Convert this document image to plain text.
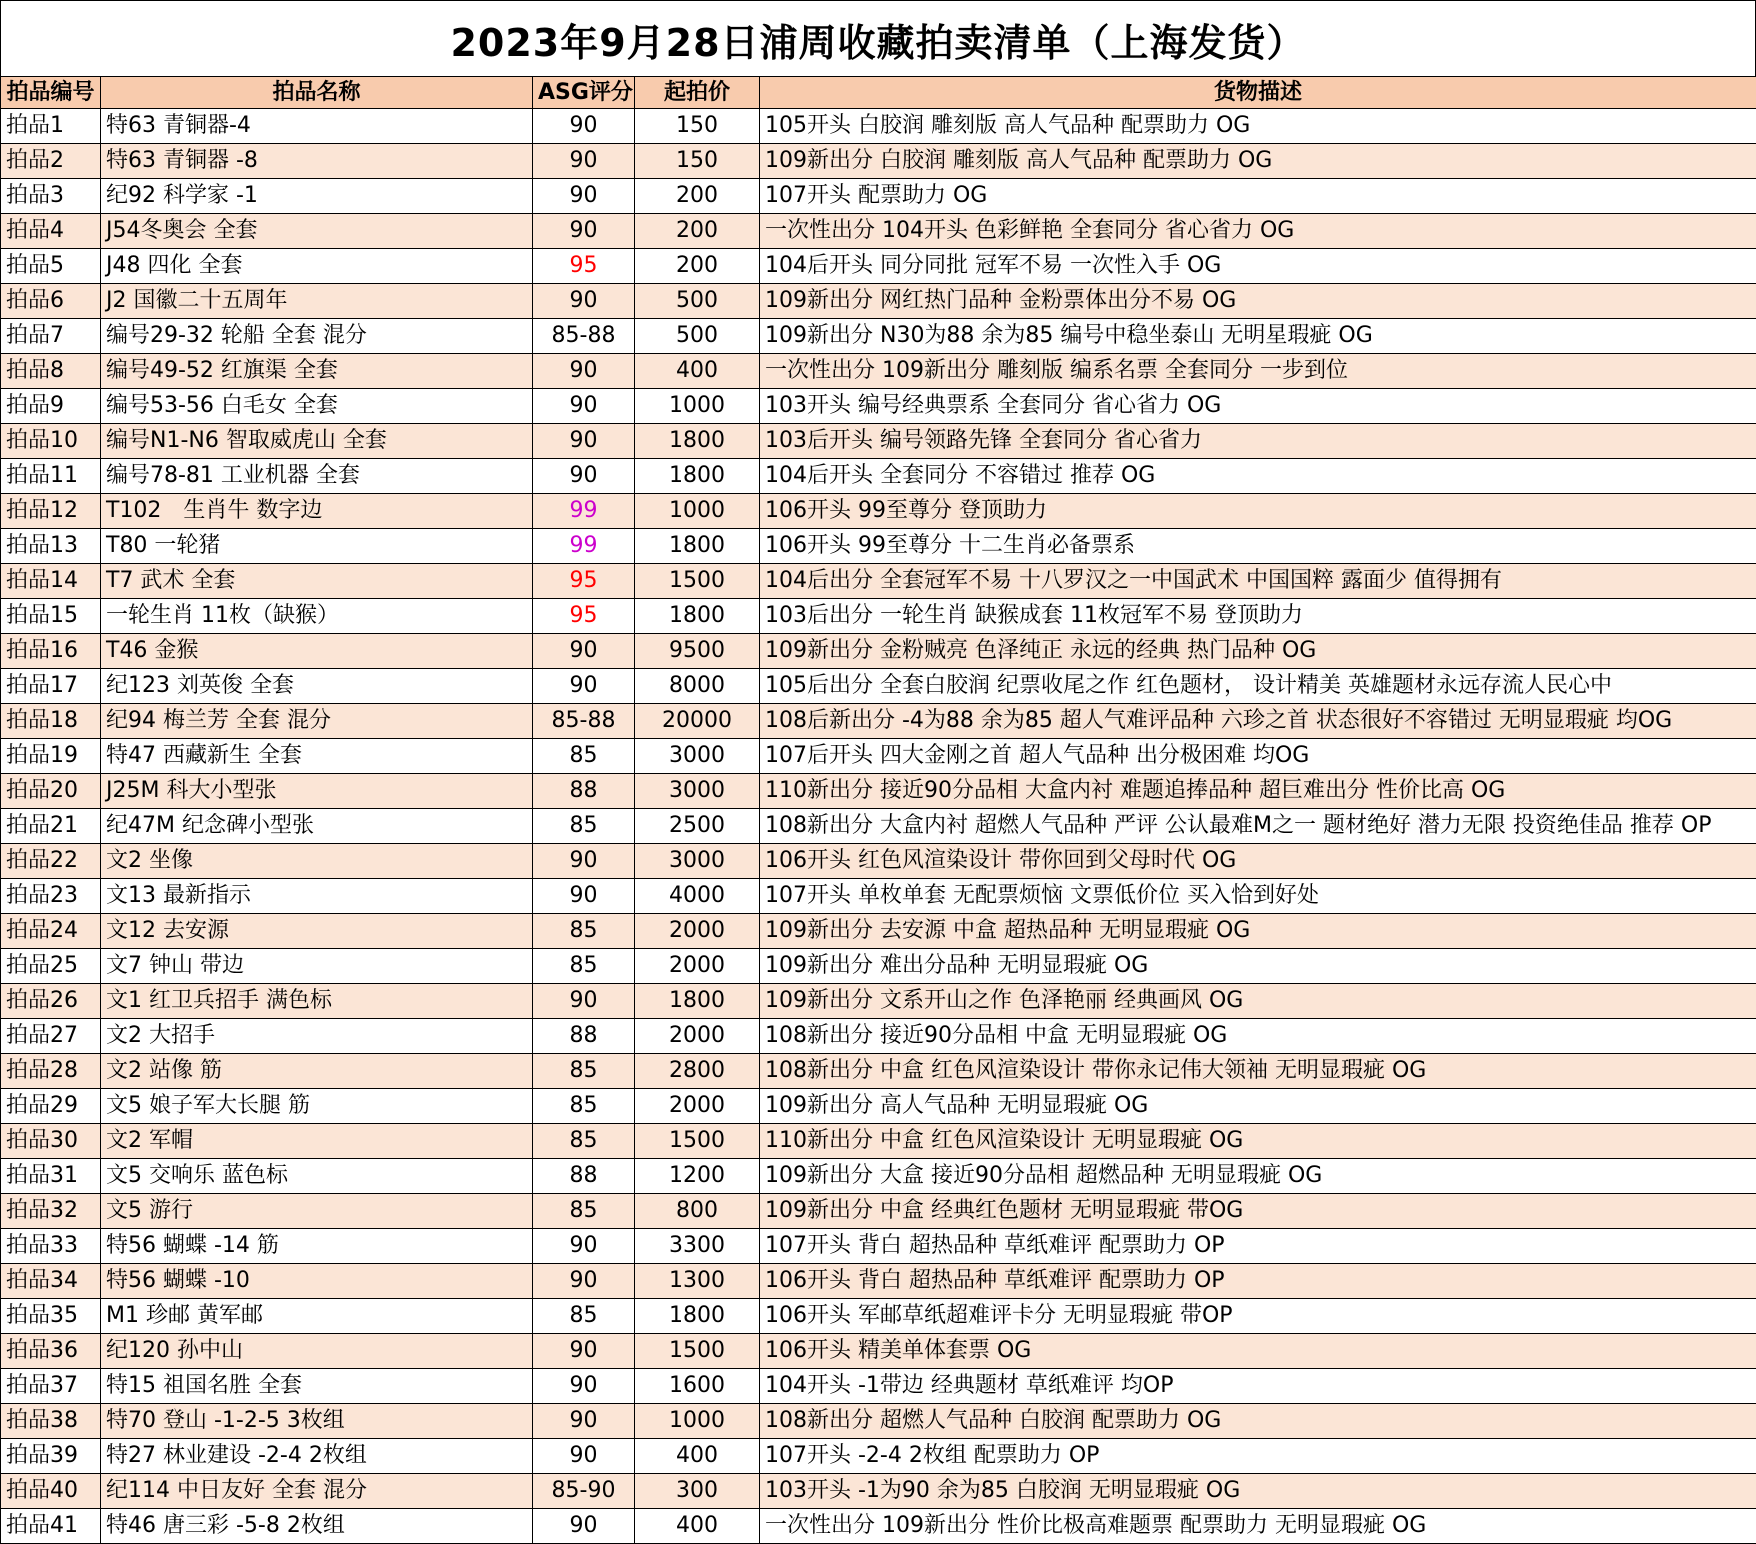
2023年9月28日浦周收藏拍卖清单（上海发货）
拍品编号	拍品名称	ASG评分	起拍价	货物描述
拍品1	特63 青铜器-4	90	150	105开头 白胶润 雕刻版 高人气品种 配票助力 OG
拍品2	特63 青铜器 -8	90	150	109新出分 白胶润 雕刻版 高人气品种 配票助力 OG
拍品3	纪92 科学家 -1	90	200	107开头 配票助力 OG
拍品4	J54冬奥会 全套	90	200	一次性出分 104开头 色彩鲜艳 全套同分 省心省力 OG
拍品5	J48 四化 全套	95	200	104后开头 同分同批 冠军不易 一次性入手 OG
拍品6	J2 国徽二十五周年	90	500	109新出分 网红热门品种 金粉票体出分不易 OG
拍品7	编号29-32 轮船 全套 混分	85-88	500	109新出分 N30为88 余为85 编号中稳坐泰山 无明星瑕疵 OG
拍品8	编号49-52 红旗渠 全套	90	400	一次性出分 109新出分 雕刻版 编系名票 全套同分 一步到位
拍品9	编号53-56 白毛女 全套	90	1000	103开头 编号经典票系 全套同分 省心省力 OG
拍品10	编号N1-N6 智取威虎山 全套	90	1800	103后开头 编号领路先锋 全套同分 省心省力
拍品11	编号78-81 工业机器 全套	90	1800	104后开头 全套同分 不容错过 推荐 OG
拍品12	T102　生肖牛 数字边	99	1000	106开头 99至尊分 登顶助力
拍品13	T80 一轮猪	99	1800	106开头 99至尊分 十二生肖必备票系
拍品14	T7 武术 全套	95	1500	104后出分 全套冠军不易 十八罗汉之一中国武术 中国国粹 露面少 值得拥有
拍品15	一轮生肖 11枚（缺猴）	95	1800	103后出分 一轮生肖 缺猴成套 11枚冠军不易 登顶助力
拍品16	T46 金猴	90	9500	109新出分 金粉贼亮 色泽纯正 永远的经典 热门品种 OG
拍品17	纪123 刘英俊 全套	90	8000	105后出分 全套白胶润 纪票收尾之作 红色题材， 设计精美 英雄题材永远存流人民心中
拍品18	纪94 梅兰芳 全套 混分	85-88	20000	108后新出分 -4为88 余为85 超人气难评品种 六珍之首 状态很好不容错过 无明显瑕疵 均OG
拍品19	特47 西藏新生 全套	85	3000	107后开头 四大金刚之首 超人气品种 出分极困难 均OG
拍品20	J25M 科大小型张	88	3000	110新出分 接近90分品相 大盒内衬 难题追捧品种 超巨难出分 性价比高 OG
拍品21	纪47M 纪念碑小型张	85	2500	108新出分 大盒内衬 超燃人气品种 严评 公认最难M之一 题材绝好 潜力无限 投资绝佳品 推荐 OP
拍品22	文2 坐像	90	3000	106开头 红色风渲染设计 带你回到父母时代 OG
拍品23	文13 最新指示	90	4000	107开头 单枚单套 无配票烦恼 文票低价位 买入恰到好处
拍品24	文12 去安源	85	2000	109新出分 去安源 中盒 超热品种 无明显瑕疵 OG
拍品25	文7 钟山 带边	85	2000	109新出分 难出分品种 无明显瑕疵 OG
拍品26	文1 红卫兵招手 满色标	90	1800	109新出分 文系开山之作 色泽艳丽 经典画风 OG
拍品27	文2 大招手	88	2000	108新出分 接近90分品相 中盒 无明显瑕疵 OG
拍品28	文2 站像 筋	85	2800	108新出分 中盒 红色风渲染设计 带你永记伟大领袖 无明显瑕疵 OG
拍品29	文5 娘子军大长腿 筋	85	2000	109新出分 高人气品种 无明显瑕疵 OG
拍品30	文2 军帽	85	1500	110新出分 中盒 红色风渲染设计 无明显瑕疵 OG
拍品31	文5 交响乐 蓝色标	88	1200	109新出分 大盒 接近90分品相 超燃品种 无明显瑕疵 OG
拍品32	文5 游行	85	800	109新出分 中盒 经典红色题材 无明显瑕疵 带OG
拍品33	特56 蝴蝶 -14 筋	90	3300	107开头 背白 超热品种 草纸难评 配票助力 OP
拍品34	特56 蝴蝶 -10	90	1300	106开头 背白 超热品种 草纸难评 配票助力 OP
拍品35	M1 珍邮 黄军邮	85	1800	106开头 军邮草纸超难评卡分 无明显瑕疵 带OP
拍品36	纪120 孙中山	90	1500	106开头 精美单体套票 OG
拍品37	特15 祖国名胜 全套	90	1600	104开头 -1带边 经典题材 草纸难评 均OP
拍品38	特70 登山 -1-2-5 3枚组	90	1000	108新出分 超燃人气品种 白胶润 配票助力 OG
拍品39	特27 林业建设 -2-4 2枚组	90	400	107开头 -2-4 2枚组 配票助力 OP
拍品40	纪114 中日友好 全套 混分	85-90	300	103开头 -1为90 余为85 白胶润 无明显瑕疵 OG
拍品41	特46 唐三彩 -5-8 2枚组	90	400	一次性出分 109新出分 性价比极高难题票 配票助力 无明显瑕疵 OG
